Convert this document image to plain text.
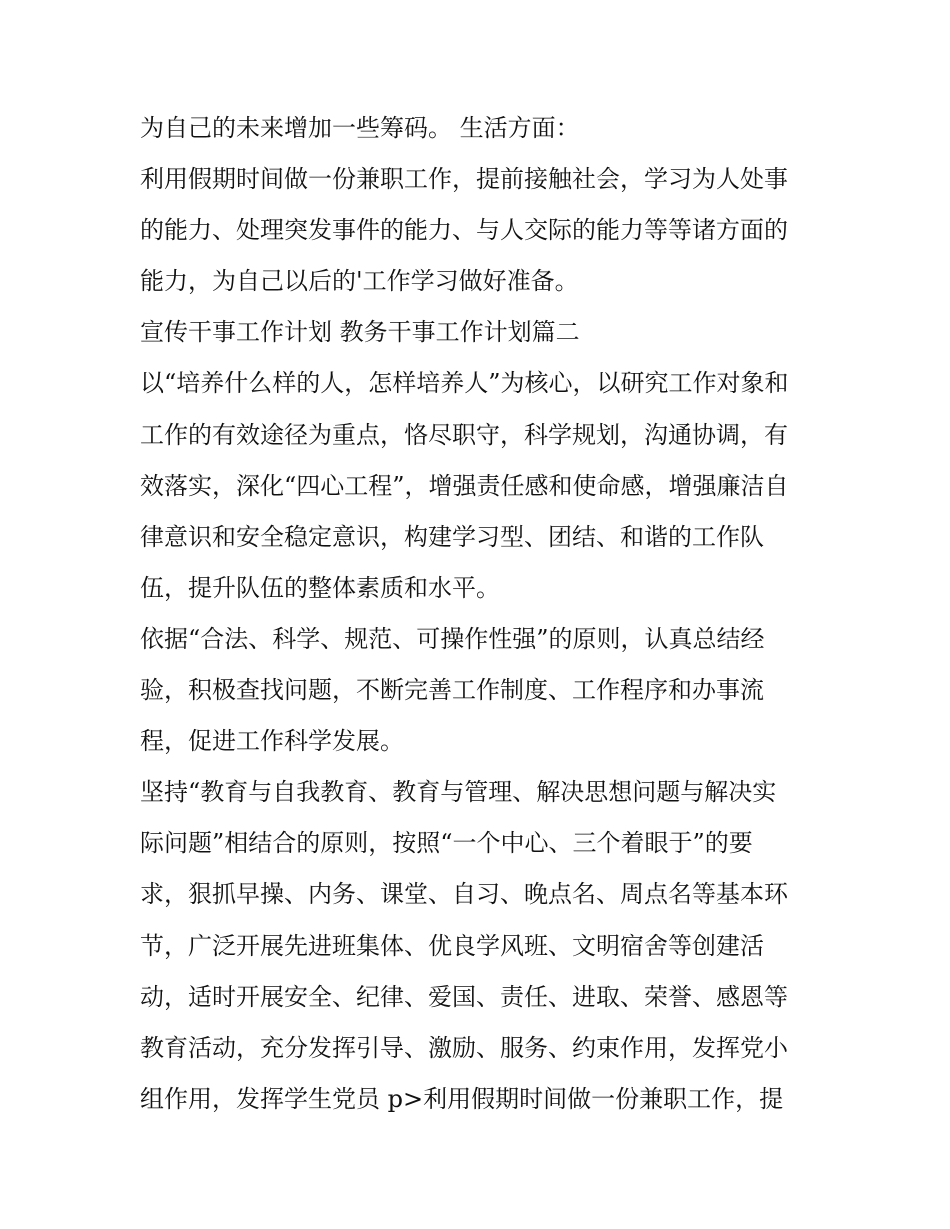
为自己的未来增加一些筹码。 生活方面：

利用假期时间做一份兼职工作，提前接触社会，学习为人处事

的能力、处理突发事件的能力、与人交际的能力等等诸方面的

能力，为自己以后的'工作学习做好准备。

宣传干事工作计划 教务干事工作计划篇二

以“培养什么样的人，怎样培养人”为核心，以研究工作对象和

工作的有效途径为重点，恪尽职守，科学规划，沟通协调，有

效落实，深化“四心工程”，增强责任感和使命感，增强廉洁自

律意识和安全稳定意识，构建学习型、团结、和谐的工作队

伍，提升队伍的整体素质和水平。

依据“合法、科学、规范、可操作性强”的原则，认真总结经

验，积极查找问题，不断完善工作制度、工作程序和办事流

程，促进工作科学发展。

坚持“教育与自我教育、教育与管理、解决思想问题与解决实

际问题”相结合的原则，按照“一个中心、三个着眼于”的要

求，狠抓早操、内务、课堂、自习、晚点名、周点名等基本环

节，广泛开展先进班集体、优良学风班、文明宿舍等创建活

动，适时开展安全、纪律、爱国、责任、进取、荣誉、感恩等

教育活动，充分发挥引导、激励、服务、约束作用，发挥党小

组作用，发挥学生党员 p>利用假期时间做一份兼职工作，提
